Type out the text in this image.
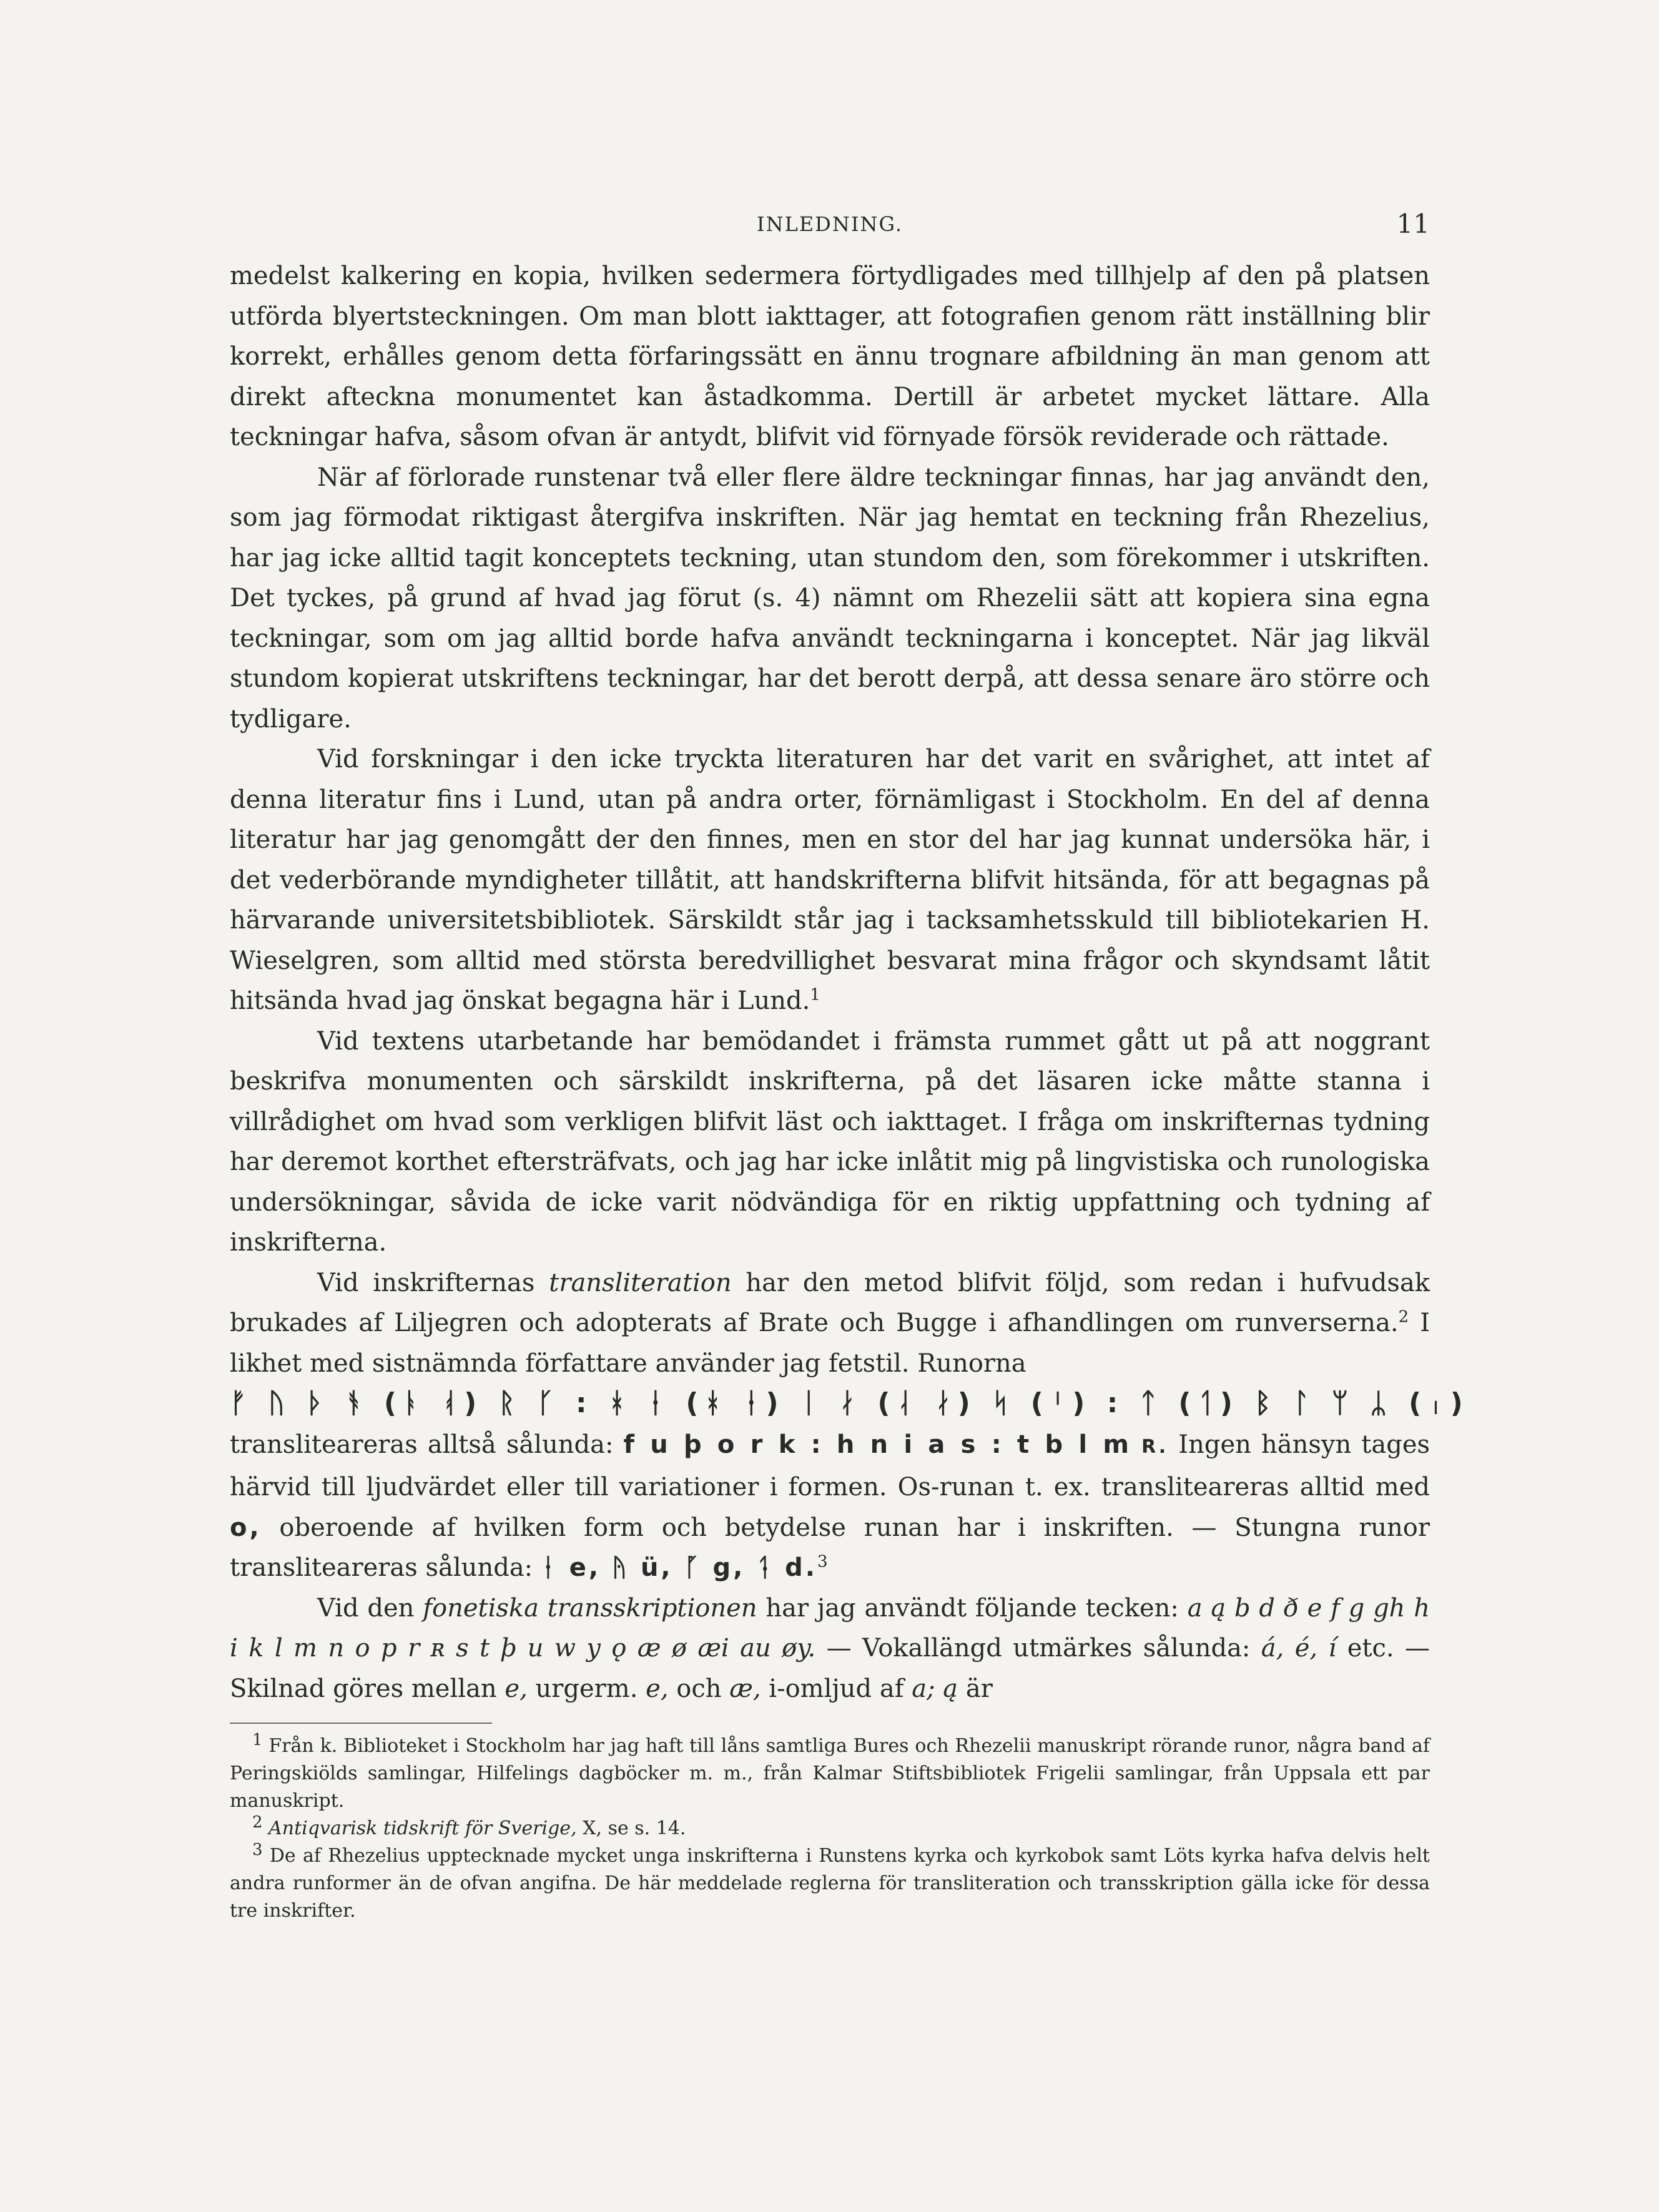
INLEDNING.	11

medelst kalkering en kopia, hvilken sedermera förtydligades med tillhjelp af den på platsen utförda blyertsteckningen. Om man blott iakttager, att fotografien genom rätt inställning blir korrekt, erhålles genom detta förfaringssätt en ännu trognare afbildning än man genom att direkt afteckna monumentet kan åstadkomma. Dertill är arbetet mycket lättare. Alla teckningar hafva, såsom ofvan är antydt, blifvit vid förnyade försök reviderade och rättade.

När af förlorade runstenar två eller flere äldre teckningar finnas, har jag användt den, som jag förmodat riktigast återgifva inskriften. När jag hemtat en teckning från Rhezelius, har jag icke alltid tagit konceptets teckning, utan stundom den, som förekommer i utskriften. Det tyckes, på grund af hvad jag förut (s. 4) nämnt om Rhezelii sätt att kopiera sina egna teckningar, som om jag alltid borde hafva användt teckningarna i konceptet. När jag likväl stundom kopierat utskriftens teckningar, har det berott derpå, att dessa senare äro större och tydligare.

Vid forskningar i den icke tryckta literaturen har det varit en svårighet, att intet af denna literatur fins i Lund, utan på andra orter, förnämligast i Stockholm. En del af denna literatur har jag genomgått der den finnes, men en stor del har jag kunnat undersöka här, i det vederbörande myndigheter tillåtit, att handskrifterna blifvit hitsända, för att begagnas på härvarande universitetsbibliotek. Särskildt står jag i tacksamhetsskuld till bibliotekarien H. Wieselgren, som alltid med största beredvillighet besvarat mina frågor och skyndsamt låtit hitsända hvad jag önskat begagna här i Lund.$^1$

Vid textens utarbetande har bemödandet i främsta rummet gått ut på att noggrant beskrifva monumenten och särskildt inskrifterna, på det läsaren icke måtte stanna i villrådighet om hvad som verkligen blifvit läst och iakttaget. I fråga om inskrifternas tydning har deremot korthet eftersträfvats, och jag har icke inlåtit mig på lingvistiska och runologiska undersökningar, såvida de icke varit nödvändiga för en riktig uppfattning och tydning af inskrifterna.

Vid inskrifternas transliteration har den metod blifvit följd, som redan i hufvudsak brukades af Liljegren och adopterats af Brate och Bugge i afhandlingen om runverserna.$^2$ I likhet med sistnämnda författare använder jag fetstil. Runorna

ᚠ ᚢ ᚦ ᚬ (ᚭ ᚮ) ᚱ ᚴ : ᚼ ᚽ (ᚼ ᚽ) ᛁ ᛅ (ᛆ ᛅ) ᛋ (ᛌ) : ᛏ (ᛐ) ᛒ ᛚ ᛘ ᛦ (ᛧ)

transliteareras alltså sålunda: f u þ o r k : h n i a s : t b l m R. Ingen hänsyn tages härvid till ljudvärdet eller till variationer i formen. Os-runan t. ex. transliteareras alltid med o, oberoende af hvilken form och betydelse runan har i inskriften. — Stungna runor transliteareras sålunda: ᛂ e, ᚤ ü, ᚵ g, ᛑ d.$^3$

Vid den fonetiska transskriptionen har jag användt följande tecken: a ą b d ð e f g gh h i k l m n o p r ʀ s t þ u w y ǫ æ ø æi au øy. — Vokallängd utmärkes sålunda: á, é, í etc. — Skilnad göres mellan e, urgerm. e, och æ, i-omljud af a; ą är

$^1$ Från k. Biblioteket i Stockholm har jag haft till låns samtliga Bures och Rhezelii manuskript rörande runor, några band af Peringskiölds samlingar, Hilfelings dagböcker m. m., från Kalmar Stiftsbibliotek Frigelii samlingar, från Uppsala ett par manuskript.

$^2$ Antiqvarisk tidskrift för Sverige, X, se s. 14.

$^3$ De af Rhezelius upptecknade mycket unga inskrifterna i Runstens kyrka och kyrkobok samt Löts kyrka hafva delvis helt andra runformer än de ofvan angifna. De här meddelade reglerna för transliteration och transskription gälla icke för dessa tre inskrifter.
